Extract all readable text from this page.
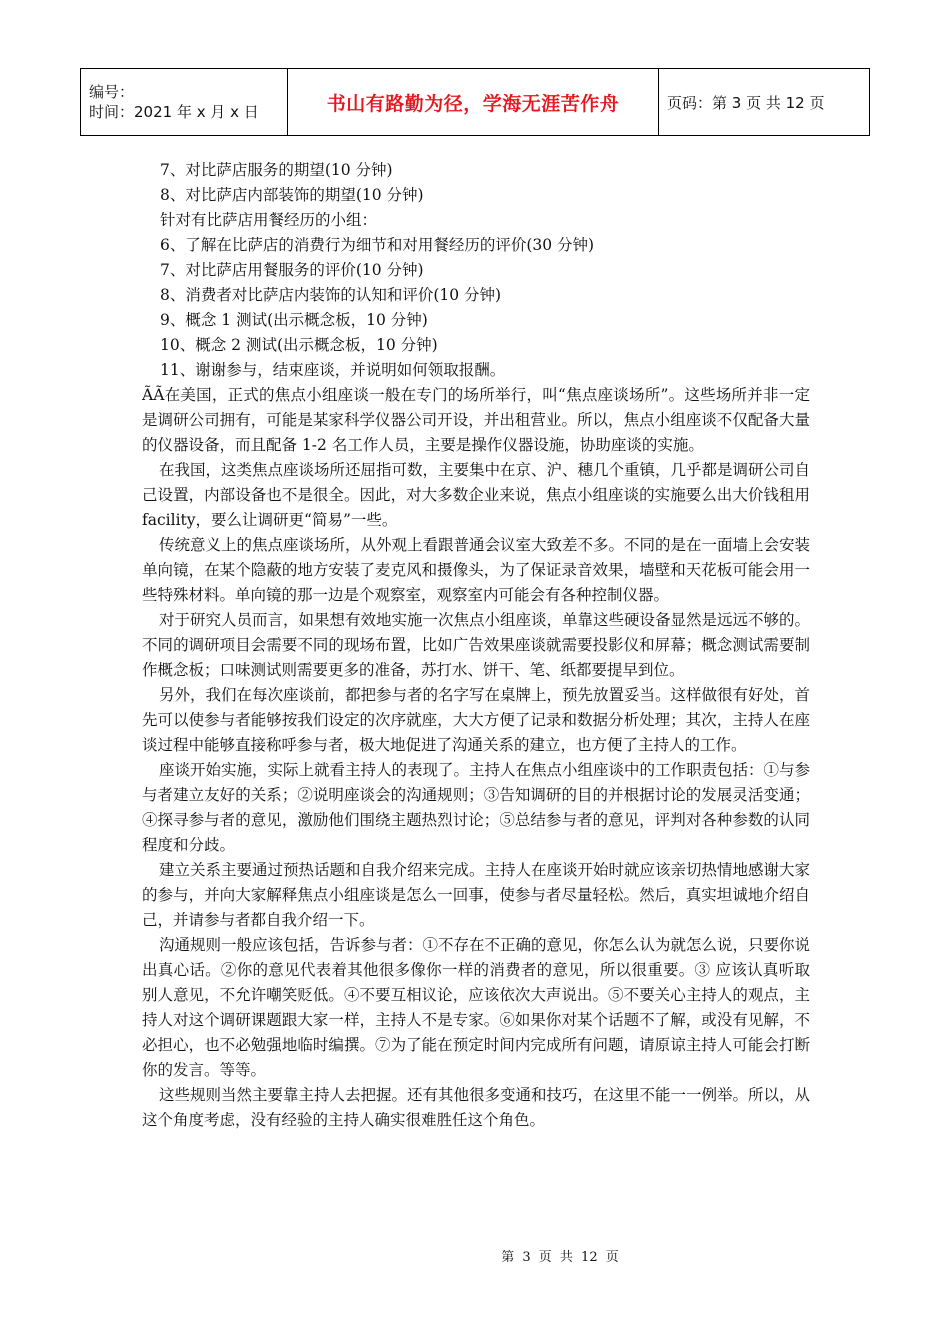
编号：
时间：2021 年 x 月 x 日	书山有路勤为径，学海无涯苦作舟	页码：第 3 页 共 12 页

7、对比萨店服务的期望(10 分钟)

8、对比萨店内部装饰的期望(10 分钟)

针对有比萨店用餐经历的小组：

6、了解在比萨店的消费行为细节和对用餐经历的评价(30 分钟)

7、对比萨店用餐服务的评价(10 分钟)

8、消费者对比萨店内装饰的认知和评价(10 分钟)

9、概念 1 测试(出示概念板，10 分钟)

10、概念 2 测试(出示概念板，10 分钟)

11、谢谢参与，结束座谈，并说明如何领取报酬。

ÃÃ在美国，正式的焦点小组座谈一般在专门的场所举行，叫“焦点座谈场所”。这些场所并非一定是调研公司拥有，可能是某家科学仪器公司开设，并出租营业。所以，焦点小组座谈不仅配备大量的仪器设备，而且配备 1-2 名工作人员，主要是操作仪器设施，协助座谈的实施。

在我国，这类焦点座谈场所还屈指可数，主要集中在京、沪、穗几个重镇，几乎都是调研公司自己设置，内部设备也不是很全。因此，对大多数企业来说，焦点小组座谈的实施要么出大价钱租用 facility，要么让调研更“简易”一些。

传统意义上的焦点座谈场所，从外观上看跟普通会议室大致差不多。不同的是在一面墙上会安装单向镜，在某个隐蔽的地方安装了麦克风和摄像头，为了保证录音效果，墙壁和天花板可能会用一些特殊材料。单向镜的那一边是个观察室，观察室内可能会有各种控制仪器。

对于研究人员而言，如果想有效地实施一次焦点小组座谈，单靠这些硬设备显然是远远不够的。不同的调研项目会需要不同的现场布置，比如广告效果座谈就需要投影仪和屏幕；概念测试需要制作概念板；口味测试则需要更多的准备，苏打水、饼干、笔、纸都要提早到位。

另外，我们在每次座谈前，都把参与者的名字写在桌牌上，预先放置妥当。这样做很有好处，首先可以使参与者能够按我们设定的次序就座，大大方便了记录和数据分析处理；其次，主持人在座谈过程中能够直接称呼参与者，极大地促进了沟通关系的建立，也方便了主持人的工作。

座谈开始实施，实际上就看主持人的表现了。主持人在焦点小组座谈中的工作职责包括：①与参与者建立友好的关系；②说明座谈会的沟通规则；③告知调研的目的并根据讨论的发展灵活变通；④探寻参与者的意见，激励他们围绕主题热烈讨论；⑤总结参与者的意见，评判对各种参数的认同程度和分歧。

建立关系主要通过预热话题和自我介绍来完成。主持人在座谈开始时就应该亲切热情地感谢大家的参与，并向大家解释焦点小组座谈是怎么一回事，使参与者尽量轻松。然后，真实坦诚地介绍自己，并请参与者都自我介绍一下。

沟通规则一般应该包括，告诉参与者：①不存在不正确的意见，你怎么认为就怎么说，只要你说出真心话。②你的意见代表着其他很多像你一样的消费者的意见，所以很重要。③ 应该认真听取别人意见，不允许嘲笑贬低。④不要互相议论，应该依次大声说出。⑤不要关心主持人的观点，主持人对这个调研课题跟大家一样，主持人不是专家。⑥如果你对某个话题不了解，或没有见解，不必担心，也不必勉强地临时编撰。⑦为了能在预定时间内完成所有问题，请原谅主持人可能会打断你的发言。等等。

这些规则当然主要靠主持人去把握。还有其他很多变通和技巧，在这里不能一一例举。所以，从这个角度考虑，没有经验的主持人确实很难胜任这个角色。

第 3 页 共 12 页
